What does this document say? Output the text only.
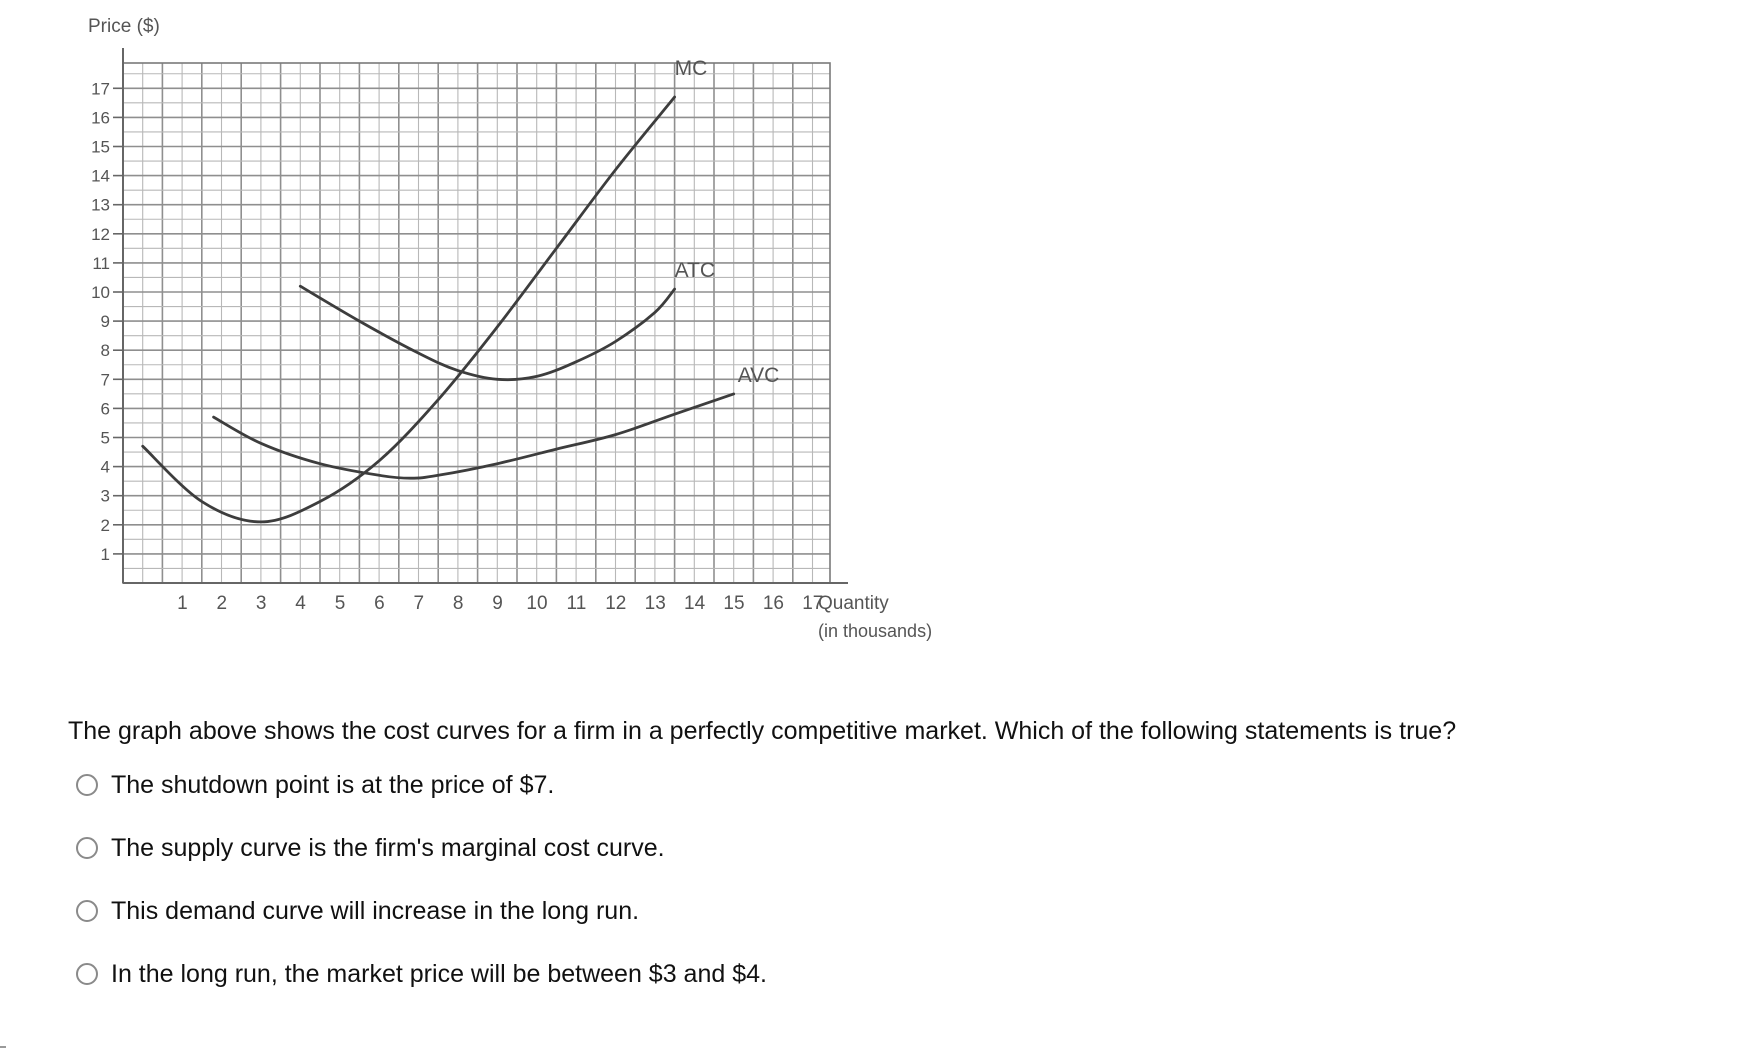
1
2
3
4
5
6
7
8
9
10
11
12
13
14
15
16
17
1 2 3 4 5 6 7 8 9 10 11 12 13 14 15 16 17
Price ($)
Quantity
(in thousands)
MC
ATC
AVC

The graph above shows the cost curves for a firm in a perfectly competitive market. Which of the following statements is true?

The shutdown point is at the price of $7.
The supply curve is the firm's marginal cost curve.
This demand curve will increase in the long run.
In the long run, the market price will be between $3 and $4.
